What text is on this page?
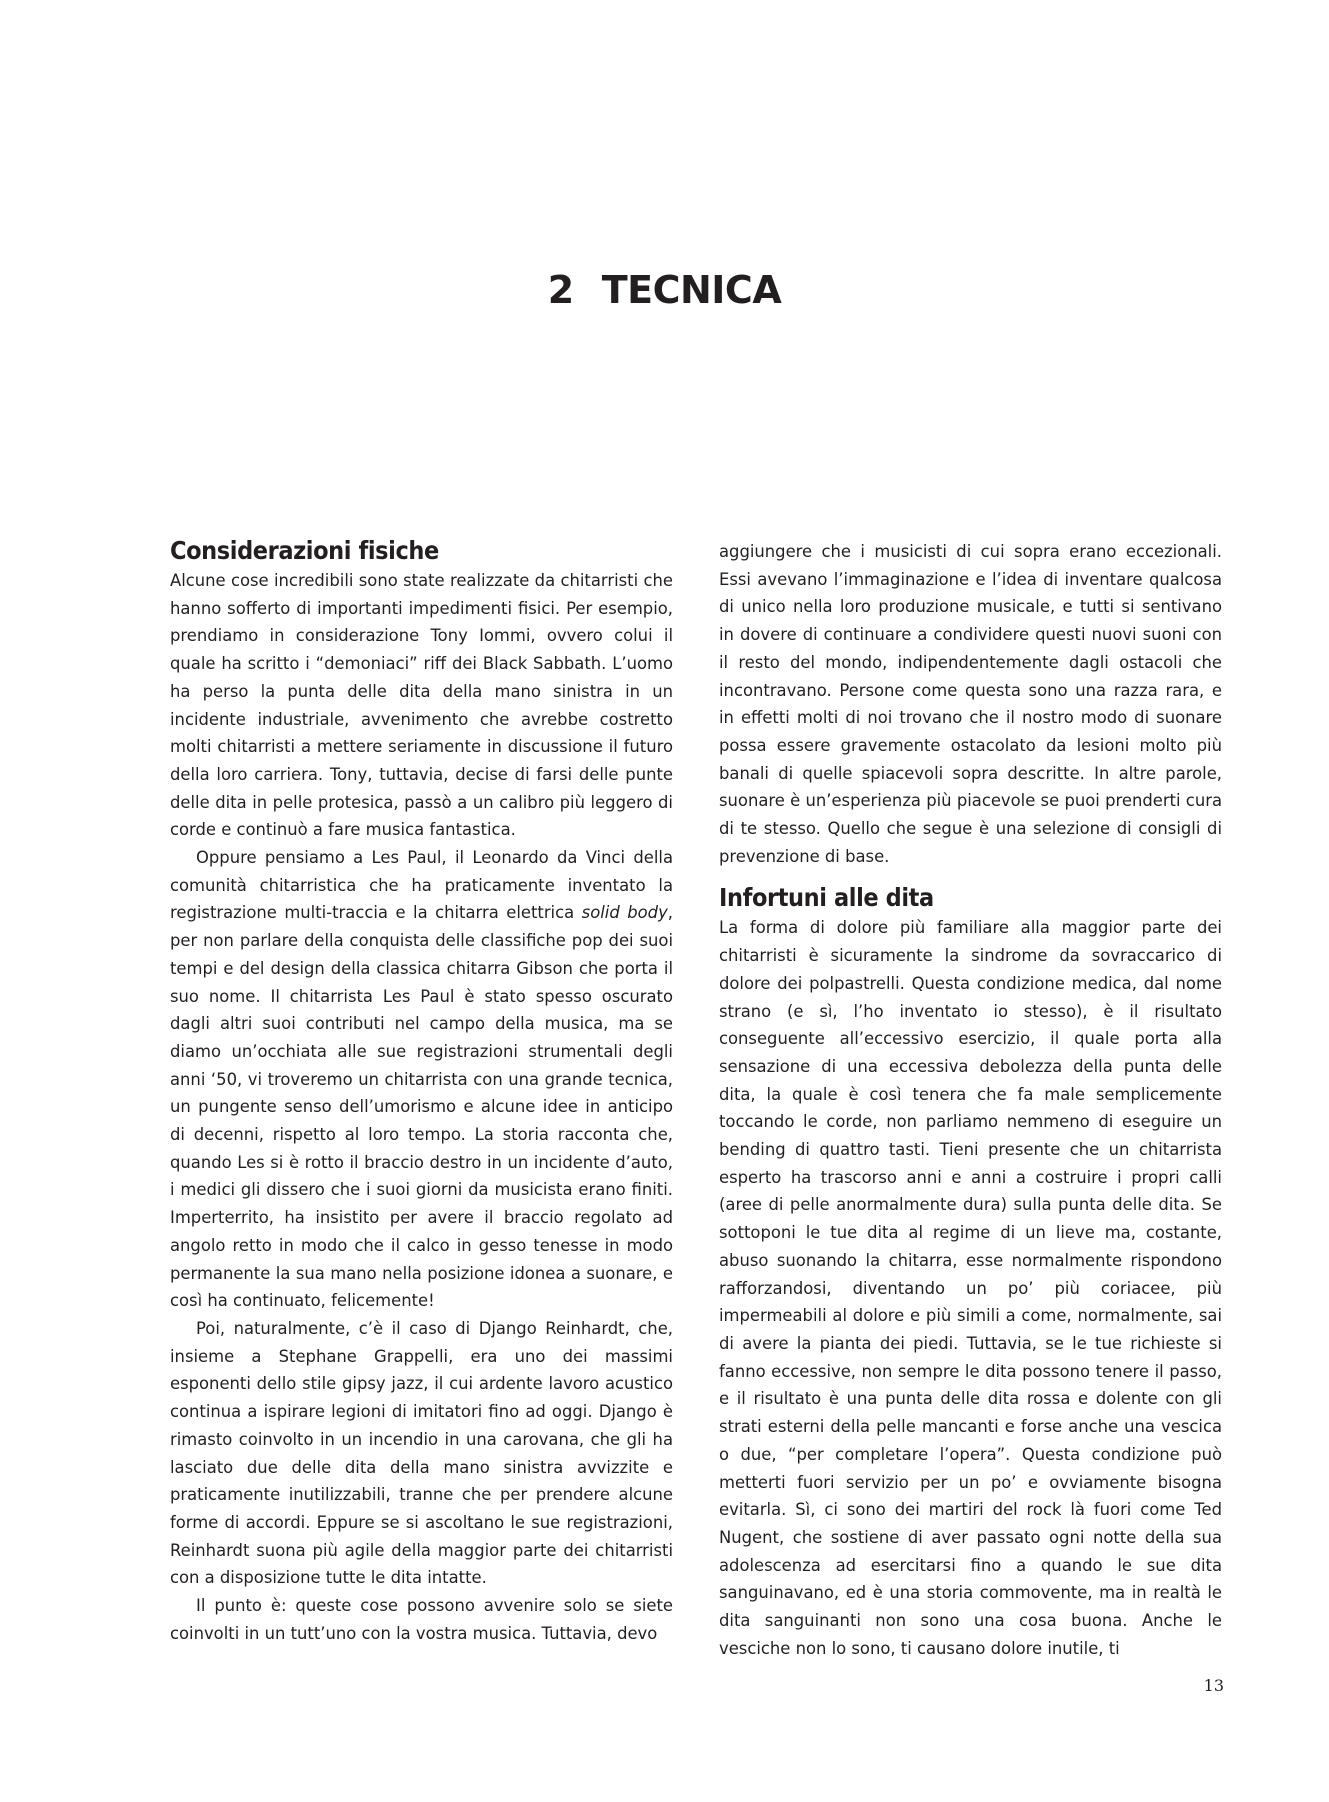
2 TECNICA
Considerazioni fisiche

Alcune cose incredibili sono state realizzate da chitarristi che hanno sofferto di importanti impedimenti fisici. Per esempio, prendiamo in considerazione Tony Iommi, ovvero colui il quale ha scritto i “demoniaci” riff dei Black Sabbath. L’uomo ha perso la punta delle dita della mano sinistra in un incidente industriale, avvenimento che avrebbe costretto molti chitarristi a mettere seriamente in discussione il futuro della loro carriera. Tony, tuttavia, decise di farsi delle punte delle dita in pelle protesica, passò a un calibro più leggero di corde e continuò a fare musica fantastica.

Oppure pensiamo a Les Paul, il Leonardo da Vinci della comunità chitarristica che ha praticamente inventato la registrazione multi-traccia e la chitarra elettrica solid body, per non parlare della conquista delle classifiche pop dei suoi tempi e del design della classica chitarra Gibson che porta il suo nome. Il chitarrista Les Paul è stato spesso oscurato dagli altri suoi contributi nel campo della musica, ma se diamo un’occhiata alle sue registrazioni strumentali degli anni ‘50, vi troveremo un chitarrista con una grande tecnica, un pungente senso dell’umorismo e alcune idee in anticipo di decenni, rispetto al loro tempo. La storia racconta che, quando Les si è rotto il braccio destro in un incidente d’auto, i medici gli dissero che i suoi giorni da musicista erano finiti. Imperterrito, ha insistito per avere il braccio regolato ad angolo retto in modo che il calco in gesso tenesse in modo permanente la sua mano nella posizione idonea a suonare, e così ha continuato, felicemente!

Poi, naturalmente, c’è il caso di Django Reinhardt, che, insieme a Stephane Grappelli, era uno dei massimi esponenti dello stile gipsy jazz, il cui ardente lavoro acustico continua a ispirare legioni di imitatori fino ad oggi. Django è rimasto coinvolto in un incendio in una carovana, che gli ha lasciato due delle dita della mano sinistra avvizzite e praticamente inutilizzabili, tranne che per prendere alcune forme di accordi. Eppure se si ascoltano le sue registrazioni, Reinhardt suona più agile della maggior parte dei chitarristi con a disposizione tutte le dita intatte.

Il punto è: queste cose possono avvenire solo se siete coinvolti in un tutt’uno con la vostra musica. Tuttavia, devo

aggiungere che i musicisti di cui sopra erano eccezionali. Essi avevano l’immaginazione e l’idea di inventare qualcosa di unico nella loro produzione musicale, e tutti si sentivano in dovere di continuare a condividere questi nuovi suoni con il resto del mondo, indipendentemente dagli ostacoli che incontravano. Persone come questa sono una razza rara, e in effetti molti di noi trovano che il nostro modo di suonare possa essere gravemente ostacolato da lesioni molto più banali di quelle spiacevoli sopra descritte. In altre parole, suonare è un’esperienza più piacevole se puoi prenderti cura di te stesso. Quello che segue è una selezione di consigli di prevenzione di base.

Infortuni alle dita

La forma di dolore più familiare alla maggior parte dei chitarristi è sicuramente la sindrome da sovraccarico di dolore dei polpastrelli. Questa condizione medica, dal nome strano (e sì, l’ho inventato io stesso), è il risultato conseguente all’eccessivo esercizio, il quale porta alla sensazione di una eccessiva debolezza della punta delle dita, la quale è così tenera che fa male semplicemente toccando le corde, non parliamo nemmeno di eseguire un bending di quattro tasti. Tieni presente che un chitarrista esperto ha trascorso anni e anni a costruire i propri calli (aree di pelle anormalmente dura) sulla punta delle dita. Se sottoponi le tue dita al regime di un lieve ma, costante, abuso suonando la chitarra, esse normalmente rispondono rafforzandosi, diventando un po’ più coriacee, più impermeabili al dolore e più simili a come, normalmente, sai di avere la pianta dei piedi. Tuttavia, se le tue richieste si fanno eccessive, non sempre le dita possono tenere il passo, e il risultato è una punta delle dita rossa e dolente con gli strati esterni della pelle mancanti e forse anche una vescica o due, “per completare l’opera”. Questa condizione può metterti fuori servizio per un po’ e ovviamente bisogna evitarla. Sì, ci sono dei martiri del rock là fuori come Ted Nugent, che sostiene di aver passato ogni notte della sua adolescenza ad esercitarsi fino a quando le sue dita sanguinavano, ed è una storia commovente, ma in realtà le dita sanguinanti non sono una cosa buona. Anche le vesciche non lo sono, ti causano dolore inutile, ti

13
